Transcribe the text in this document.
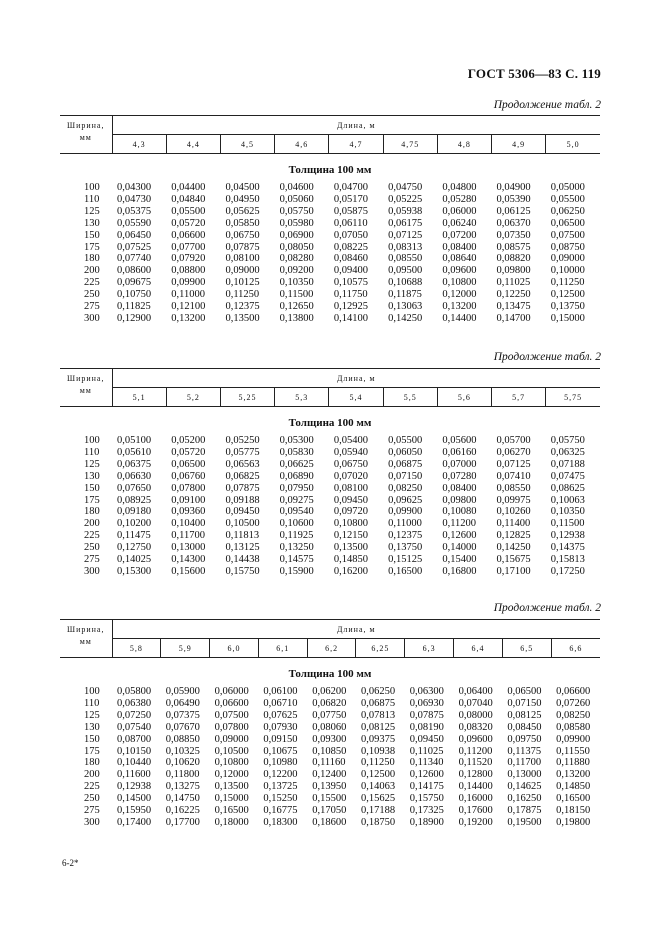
ГОСТ 5306—83 С. 119
Продолжение табл. 2
Ширина,
мм	Длина, м								
	4,3	4,4	4,5	4,6	4,7	4,75	4,8	4,9	5,0
Толщина 100 мм									
100	0,04300	0,04400	0,04500	0,04600	0,04700	0,04750	0,04800	0,04900	0,05000
110	0,04730	0,04840	0,04950	0,05060	0,05170	0,05225	0,05280	0,05390	0,05500
125	0,05375	0,05500	0,05625	0,05750	0,05875	0,05938	0,06000	0,06125	0,06250
130	0,05590	0,05720	0,05850	0,05980	0,06110	0,06175	0,06240	0,06370	0,06500
150	0,06450	0,06600	0,06750	0,06900	0,07050	0,07125	0,07200	0,07350	0,07500
175	0,07525	0,07700	0,07875	0,08050	0,08225	0,08313	0,08400	0,08575	0,08750
180	0,07740	0,07920	0,08100	0,08280	0,08460	0,08550	0,08640	0,08820	0,09000
200	0,08600	0,08800	0,09000	0,09200	0,09400	0,09500	0,09600	0,09800	0,10000
225	0,09675	0,09900	0,10125	0,10350	0,10575	0,10688	0,10800	0,11025	0,11250
250	0,10750	0,11000	0,11250	0,11500	0,11750	0,11875	0,12000	0,12250	0,12500
275	0,11825	0,12100	0,12375	0,12650	0,12925	0,13063	0,13200	0,13475	0,13750
300	0,12900	0,13200	0,13500	0,13800	0,14100	0,14250	0,14400	0,14700	0,15000
Продолжение табл. 2
Ширина,
мм	Длина, м								
	5,1	5,2	5,25	5,3	5,4	5,5	5,6	5,7	5,75
Толщина 100 мм									
100	0,05100	0,05200	0,05250	0,05300	0,05400	0,05500	0,05600	0,05700	0,05750
110	0,05610	0,05720	0,05775	0,05830	0,05940	0,06050	0,06160	0,06270	0,06325
125	0,06375	0,06500	0,06563	0,06625	0,06750	0,06875	0,07000	0,07125	0,07188
130	0,06630	0,06760	0,06825	0,06890	0,07020	0,07150	0,07280	0,07410	0,07475
150	0,07650	0,07800	0,07875	0,07950	0,08100	0,08250	0,08400	0,08550	0,08625
175	0,08925	0,09100	0,09188	0,09275	0,09450	0,09625	0,09800	0,09975	0,10063
180	0,09180	0,09360	0,09450	0,09540	0,09720	0,09900	0,10080	0,10260	0,10350
200	0,10200	0,10400	0,10500	0,10600	0,10800	0,11000	0,11200	0,11400	0,11500
225	0,11475	0,11700	0,11813	0,11925	0,12150	0,12375	0,12600	0,12825	0,12938
250	0,12750	0,13000	0,13125	0,13250	0,13500	0,13750	0,14000	0,14250	0,14375
275	0,14025	0,14300	0,14438	0,14575	0,14850	0,15125	0,15400	0,15675	0,15813
300	0,15300	0,15600	0,15750	0,15900	0,16200	0,16500	0,16800	0,17100	0,17250
Продолжение табл. 2
Ширина,
мм	Длина, м									
	5,8	5,9	6,0	6,1	6,2	6,25	6,3	6,4	6,5	6,6
Толщина 100 мм										
100	0,05800	0,05900	0,06000	0,06100	0,06200	0,06250	0,06300	0,06400	0,06500	0,06600
110	0,06380	0,06490	0,06600	0,06710	0,06820	0,06875	0,06930	0,07040	0,07150	0,07260
125	0,07250	0,07375	0,07500	0,07625	0,07750	0,07813	0,07875	0,08000	0,08125	0,08250
130	0,07540	0,07670	0,07800	0,07930	0,08060	0,08125	0,08190	0,08320	0,08450	0,08580
150	0,08700	0,08850	0,09000	0,09150	0,09300	0,09375	0,09450	0,09600	0,09750	0,09900
175	0,10150	0,10325	0,10500	0,10675	0,10850	0,10938	0,11025	0,11200	0,11375	0,11550
180	0,10440	0,10620	0,10800	0,10980	0,11160	0,11250	0,11340	0,11520	0,11700	0,11880
200	0,11600	0,11800	0,12000	0,12200	0,12400	0,12500	0,12600	0,12800	0,13000	0,13200
225	0,12938	0,13275	0,13500	0,13725	0,13950	0,14063	0,14175	0,14400	0,14625	0,14850
250	0,14500	0,14750	0,15000	0,15250	0,15500	0,15625	0,15750	0,16000	0,16250	0,16500
275	0,15950	0,16225	0,16500	0,16775	0,17050	0,17188	0,17325	0,17600	0,17875	0,18150
300	0,17400	0,17700	0,18000	0,18300	0,18600	0,18750	0,18900	0,19200	0,19500	0,19800
6-2*
